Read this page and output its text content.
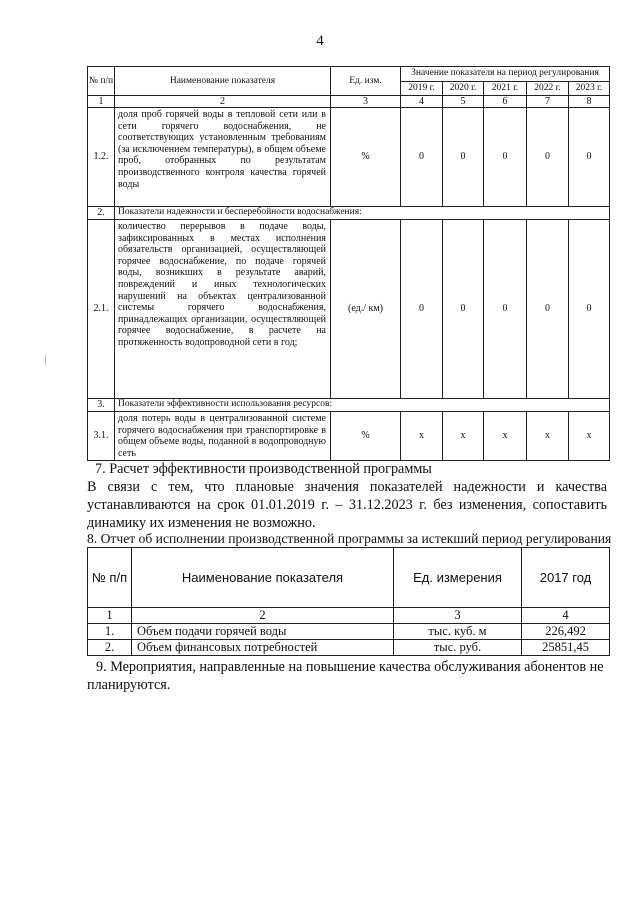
4
№ п/п	Наименование показателя	Ед. изм.	Значение показателя на период регулирования				
			2019 г.	2020 г.	2021 г.	2022 г.	2023 г.
1	2	3	4	5	6	7	8
1.2.	доля проб горячей воды в тепловой сети или в сети горячего водоснабжения, не соответствующих установленным требованиям (за исключением температуры), в общем объеме проб, отобранных по результатам производственного контроля качества горячей воды	%	0	0	0	0	0
2.	Показатели надежности и бесперебойности водоснабжения:						
2.1.	количество перерывов в подаче воды, зафиксированных в местах исполнения обязательств организацией, осуществляющей горячее водоснабжение, по подаче горячей воды, возникших в результате аварий, повреждений и иных технологических нарушений на объектах централизованной системы горячего водоснабжения, принадлежащих организации, осуществляющей горячее водоснабжение, в расчете на протяженность водопроводной сети в год;	(ед./ км)	0	0	0	0	0
3.	Показатели эффективности использования ресурсов:						
3.1.	доля потерь воды в централизованной системе горячего водоснабжения при транспортировке в общем объеме воды, поданной в водопроводную сеть	%	х	х	х	х	х
7. Расчет эффективности производственной программы
В связи с тем, что плановые значения показателей надежности и качества устанавливаются на срок 01.01.2019 г. – 31.12.2023 г. без изменения, сопоставить динамику их изменения не возможно.
8. Отчет об исполнении производственной программы за истекший период регулирования
№ п/п	Наименование показателя	Ед. измерения	2017 год
1	2	3	4
1.	Объем подачи горячей воды	тыс. куб. м	226,492
2.	Объем финансовых потребностей	тыс. руб.	25851,45
9. Мероприятия, направленные на повышение качества обслуживания абонентов не планируются.
